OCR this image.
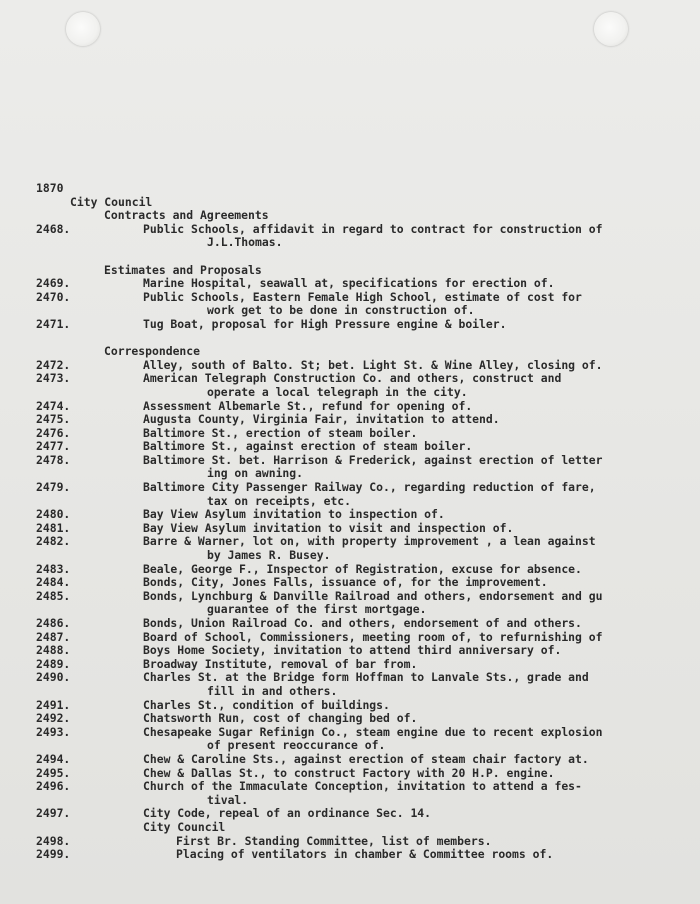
1870
City Council
Contracts and Agreements
2468.	Public Schools, affidavit in regard to contract for construction of
J.L.Thomas.
Estimates and Proposals
2469.	Marine Hospital, seawall at, specifications for erection of.
2470.	Public Schools, Eastern Female High School, estimate of cost for
work get to be done in construction of.
2471.	Tug Boat, proposal for High Pressure engine & boiler.
Correspondence
2472.	Alley, south of Balto. St; bet. Light St. & Wine Alley, closing of.
2473.	American Telegraph Construction Co. and others, construct and
operate a local telegraph in the city.
2474.	Assessment Albemarle St., refund for opening of.
2475.	Augusta County, Virginia Fair, invitation to attend.
2476.	Baltimore St., erection of steam boiler.
2477.	Baltimore St., against erection of steam boiler.
2478.	Baltimore St. bet. Harrison & Frederick, against erection of letter
ing on awning.
2479.	Baltimore City Passenger Railway Co., regarding reduction of fare,
tax on receipts, etc.
2480.	Bay View Asylum invitation to inspection of.
2481.	Bay View Asylum invitation to visit and inspection of.
2482.	Barre & Warner, lot on, with property improvement , a lean against
by James R. Busey.
2483.	Beale, George F., Inspector of Registration, excuse for absence.
2484.	Bonds, City, Jones Falls, issuance of, for the improvement.
2485.	Bonds, Lynchburg & Danville Railroad and others, endorsement and gu
guarantee of the first mortgage.
2486.	Bonds, Union Railroad Co. and others, endorsement of and others.
2487.	Board of School, Commissioners, meeting room of, to refurnishing of
2488.	Boys Home Society, invitation to attend third anniversary of.
2489.	Broadway Institute, removal of bar from.
2490.	Charles St. at the Bridge form Hoffman to Lanvale Sts., grade and
fill in and others.
2491.	Charles St., condition of buildings.
2492.	Chatsworth Run, cost of changing bed of.
2493.	Chesapeake Sugar Refinign Co., steam engine due to recent explosion
of present reoccurance of.
2494.	Chew & Caroline Sts., against erection of steam chair factory at.
2495.	Chew & Dallas St., to construct Factory with 20 H.P. engine.
2496.	Church of the Immaculate Conception, invitation to attend a fes-
tival.
2497.	City Code, repeal of an ordinance Sec. 14.
City Council
2498.	First Br. Standing Committee, list of members.
2499.	Placing of ventilators in chamber & Committee rooms of.
